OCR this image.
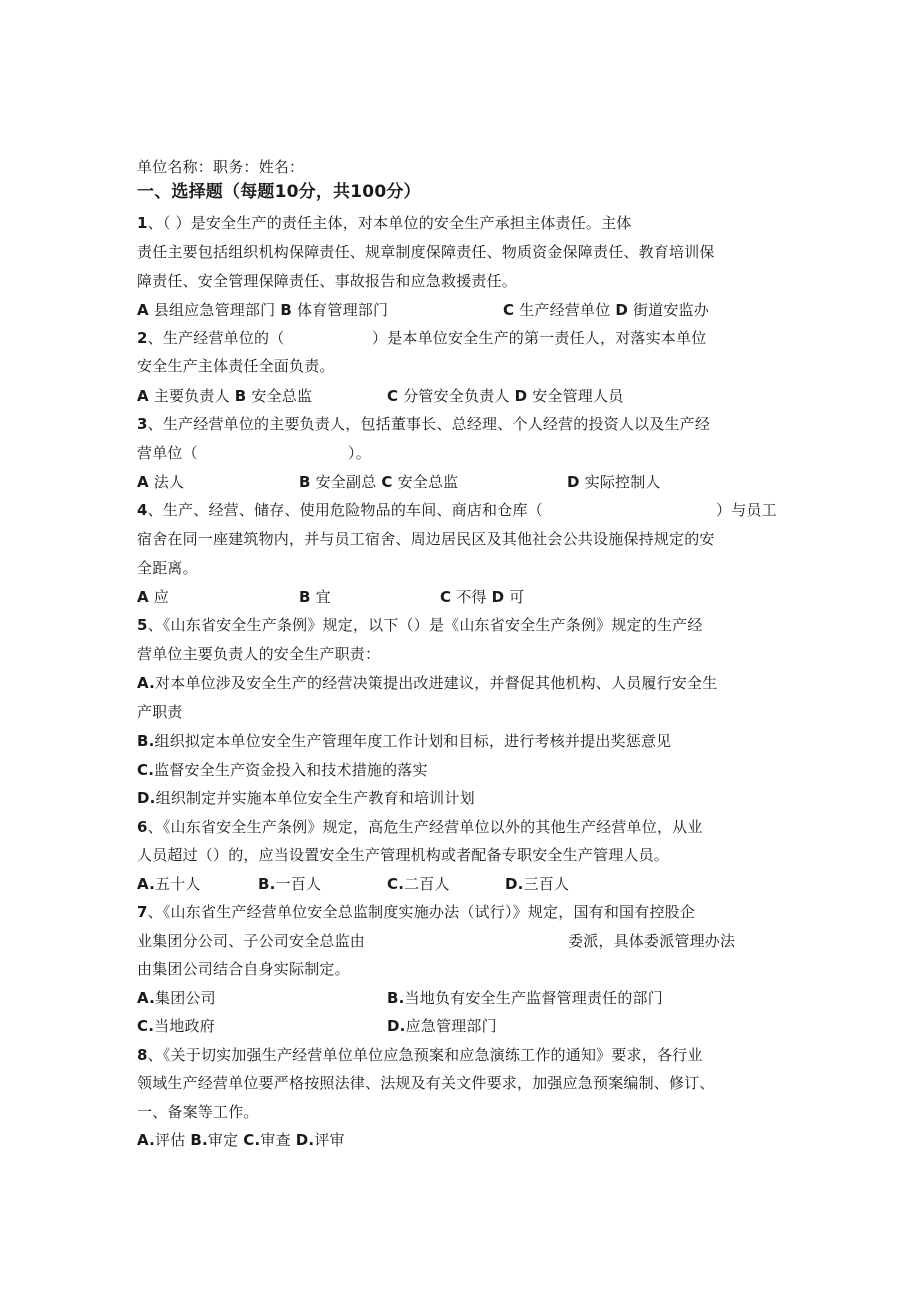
单位名称：职务：姓名：
一、选择题（每题10分，共100分）
1、（ ）是安全生产的责任主体，对本单位的安全生产承担主体责任。主体
责任主要包括组织机构保障责任、规章制度保障责任、物质资金保障责任、教育培训保
障责任、安全管理保障责任、事故报告和应急救援责任。
A 县组应急管理部门 B 体育管理部门	C 生产经营单位 D 街道安监办
2、生产经营单位的（	）是本单位安全生产的第一责任人，对落实本单位
安全生产主体责任全面负责。
A 主要负责人 B 安全总监	C 分管安全负责人 D 安全管理人员
3、生产经营单位的主要负责人，包括董事长、总经理、个人经营的投资人以及生产经
营单位（	）。
A 法人	B 安全副总 C 安全总监	D 实际控制人
4、生产、经营、储存、使用危险物品的车间、商店和仓库（	）与员工
宿舍在同一座建筑物内，并与员工宿舍、周边居民区及其他社会公共设施保持规定的安
全距离。
A 应	B 宜	C 不得 D 可
5、《山东省安全生产条例》规定，以下（）是《山东省安全生产条例》规定的生产经
营单位主要负责人的安全生产职责：
A.对本单位涉及安全生产的经营决策提出改进建议，并督促其他机构、人员履行安全生
产职责
B.组织拟定本单位安全生产管理年度工作计划和目标，进行考核并提出奖惩意见
C.监督安全生产资金投入和技术措施的落实
D.组织制定并实施本单位安全生产教育和培训计划
6、《山东省安全生产条例》规定，高危生产经营单位以外的其他生产经营单位，从业
人员超过（）的，应当设置安全生产管理机构或者配备专职安全生产管理人员。
A.五十人	B.一百人	C.二百人	D.三百人
7、《山东省生产经营单位安全总监制度实施办法（试行）》规定，国有和国有控股企
业集团分公司、子公司安全总监由	委派，具体委派管理办法
由集团公司结合自身实际制定。
A.集团公司	B.当地负有安全生产监督管理责任的部门
C.当地政府	D.应急管理部门
8、《关于切实加强生产经营单位单位应急预案和应急演练工作的通知》要求，各行业
领域生产经营单位要严格按照法律、法规及有关文件要求，加强应急预案编制、修订、
一、备案等工作。
A.评估 B.审定 C.审查 D.评审
